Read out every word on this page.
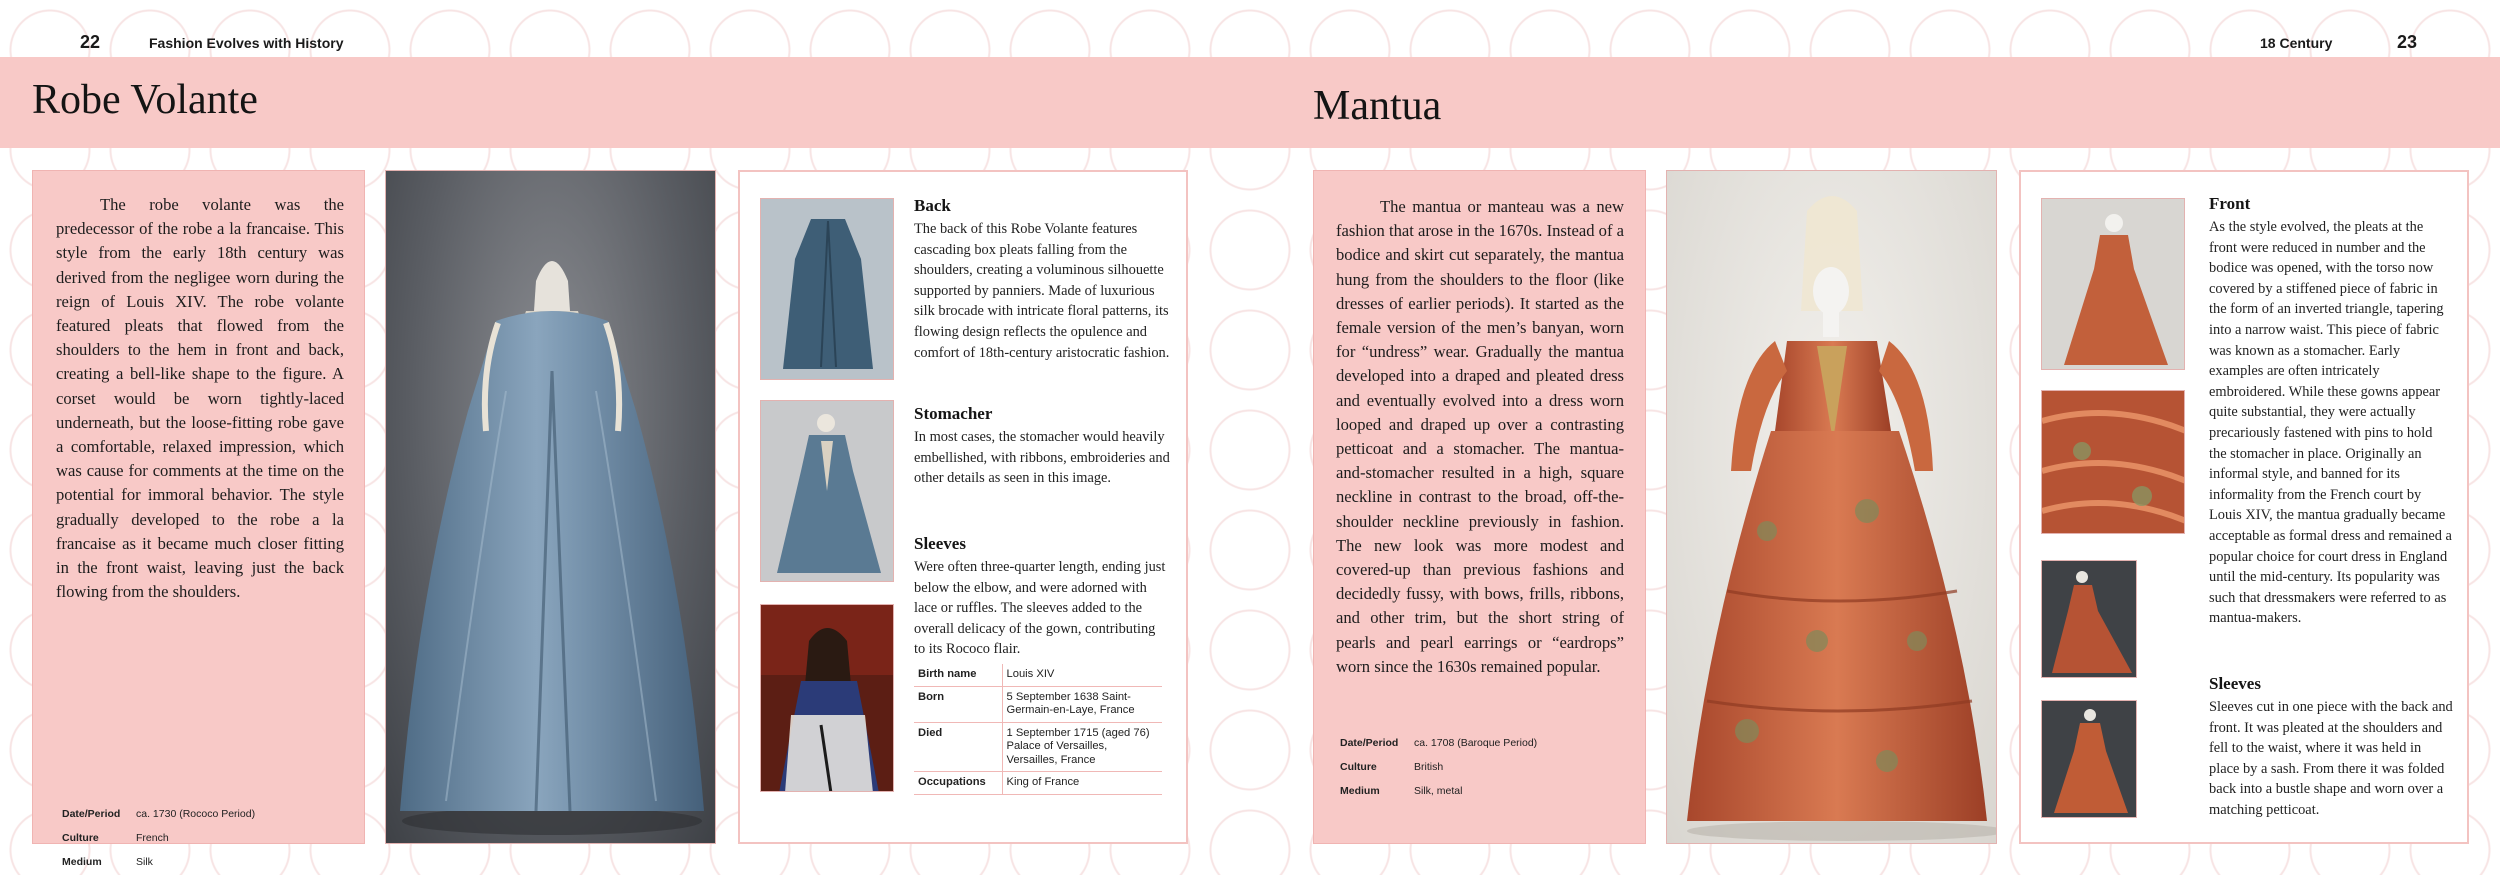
22	Fashion Evolves with History	18 Century	23
Robe Volante	Mantua

The robe volante was the predecessor of the robe a la francaise. This style from the early 18th century was derived from the negligee worn during the reign of Louis XIV. The robe volante featured pleats that flowed from the shoulders to the hem in front and back, creating a bell-like shape to the figure. A corset would be worn tightly-laced underneath, but the loose-fitting robe gave a comfortable, relaxed impression, which was cause for comments at the time on the potential for immoral behavior. The style gradually developed to the robe a la francaise as it became much closer fitting in the front waist, leaving just the back flowing from the shoulders.

Date/Period	ca. 1730 (Rococo Period)
Culture	French
Medium	Silk
Back
The back of this Robe Volante features cascading box pleats falling from the shoulders, creating a voluminous silhouette supported by panniers. Made of luxurious silk brocade with intricate floral patterns, its flowing design reflects the opulence and comfort of 18th-century aristocratic fashion.
Stomacher
In most cases, the stomacher would heavily embellished, with ribbons, embroideries and other details as seen in this image.
Sleeves
Were often three-quarter length, ending just below the elbow, and were adorned with lace or ruffles. The sleeves added to the overall delicacy of the gown, contributing to its Rococo flair.
Birth name	Louis XIV
Born	5 September 1638 Saint-Germain-en-Laye, France
Died	1 September 1715 (aged 76) Palace of Versailles, Versailles, France
Occupations	King of France

The mantua or manteau was a new fashion that arose in the 1670s. Instead of a bodice and skirt cut separately, the mantua hung from the shoulders to the floor (like dresses of earlier periods). It started as the female version of the men’s banyan, worn for “undress” wear. Gradually the mantua developed into a draped and pleated dress and eventually evolved into a dress worn looped and draped up over a contrasting petticoat and a stomacher. The mantua-and-stomacher resulted in a high, square neckline in contrast to the broad, off-the-shoulder neckline previously in fashion. The new look was more modest and covered-up than previous fashions and decidedly fussy, with bows, frills, ribbons, and other trim, but the short string of pearls and pearl earrings or “eardrops” worn since the 1630s remained popular.

Date/Period	ca. 1708 (Baroque Period)
Culture	British
Medium	Silk, metal
Front
As the style evolved, the pleats at the front were reduced in number and the bodice was opened, with the torso now covered by a stiffened piece of fabric in the form of an inverted triangle, tapering into a narrow waist. This piece of fabric was known as a stomacher. Early examples are often intricately embroidered. While these gowns appear quite substantial, they were actually precariously fastened with pins to hold the stomacher in place. Originally an informal style, and banned for its informality from the French court by Louis XIV, the mantua gradually became acceptable as formal dress and remained a popular choice for court dress in England until the mid-century. Its popularity was such that dressmakers were referred to as mantua-makers.
Sleeves
Sleeves cut in one piece with the back and front. It was pleated at the shoulders and fell to the waist, where it was held in place by a sash. From there it was folded back into a bustle shape and worn over a matching petticoat.
